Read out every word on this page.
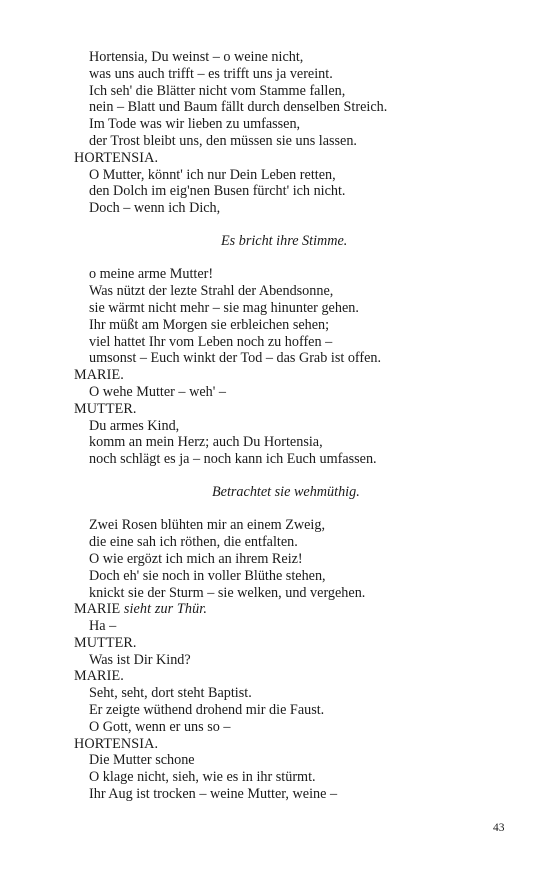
Hortensia, Du weinst – o weine nicht,
was uns auch trifft – es trifft uns ja vereint.
Ich seh' die Blätter nicht vom Stamme fallen,
nein – Blatt und Baum fällt durch denselben Streich.
Im Tode was wir lieben zu umfassen,
der Trost bleibt uns, den müssen sie uns lassen.
HORTENSIA.
O Mutter, könnt' ich nur Dein Leben retten,
den Dolch im eig'nen Busen fürcht' ich nicht.
Doch – wenn ich Dich,
Es bricht ihre Stimme.
o meine arme Mutter!
Was nützt der lezte Strahl der Abendsonne,
sie wärmt nicht mehr – sie mag hinunter gehen.
Ihr müßt am Morgen sie erbleichen sehen;
viel hattet Ihr vom Leben noch zu hoffen –
umsonst – Euch winkt der Tod – das Grab ist offen.
MARIE.
O wehe Mutter – weh' –
MUTTER.
Du armes Kind,
komm an mein Herz; auch Du Hortensia,
noch schlägt es ja – noch kann ich Euch umfassen.
Betrachtet sie wehmüthig.
Zwei Rosen blühten mir an einem Zweig,
die eine sah ich röthen, die entfalten.
O wie ergözt ich mich an ihrem Reiz!
Doch eh' sie noch in voller Blüthe stehen,
knickt sie der Sturm – sie welken, und vergehen.
MARIE sieht zur Thür.
Ha –
MUTTER.
Was ist Dir Kind?
MARIE.
Seht, seht, dort steht Baptist.
Er zeigte wüthend drohend mir die Faust.
O Gott, wenn er uns so –
HORTENSIA.
Die Mutter schone
O klage nicht, sieh, wie es in ihr stürmt.
Ihr Aug ist trocken – weine Mutter, weine –
43
